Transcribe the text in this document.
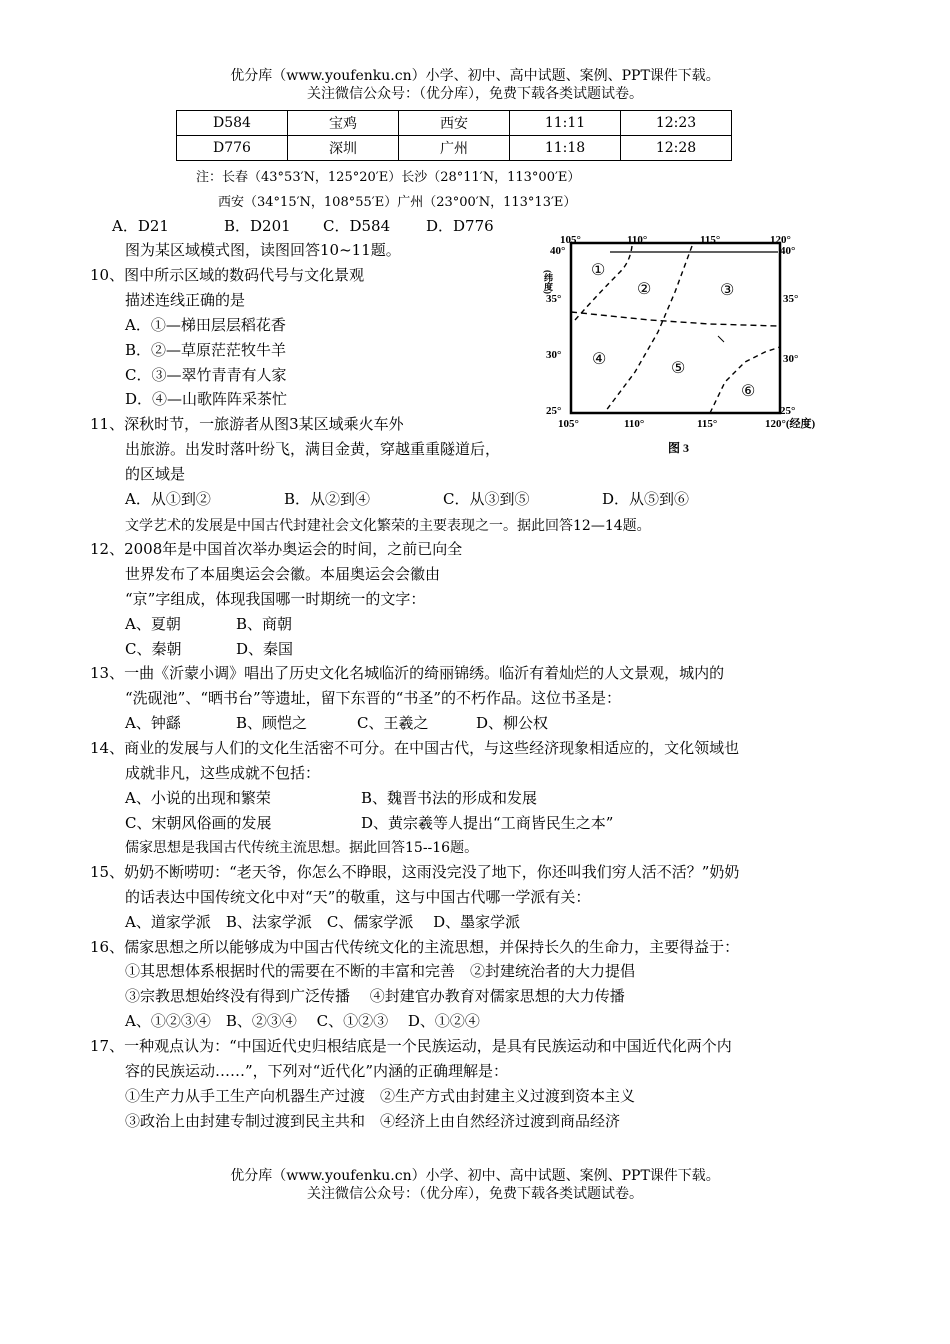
优分库（www.youfenku.cn）小学、初中、高中试题、案例、PPT课件下载。
关注微信公众号：（优分库），免费下载各类试题试卷。
D584	宝鸡	西安	11:11	12:23
D776	深圳	广州	11:18	12:28
注：长春（43°53′N，125°20′E）长沙（28°11′N，113°00′E）
西安（34°15′N，108°55′E）广州（23°00′N，113°13′E）
A．D21	B．D201 C．D584 D．D776
图为某区域模式图，读图回答10~11题。
10、图中所示区域的数码代号与文化景观
描述连线正确的是
A．①—梯田层层稻花香
B．②—草原茫茫牧牛羊
C．③—翠竹青青有人家
D．④—山歌阵阵采茶忙
11、深秋时节，一旅游者从图3某区域乘火车外
出旅游。出发时落叶纷飞，满目金黄，穿越重重隧道后，
的区域是
A．从①到②	B．从②到④	C．从③到⑤	D．从⑤到⑥
①
②	③
④
⑤
⑥
105°	110°	115°	120°
40°
(纬度)
35°
30°
25°
40°
35°
30°
25°
105°	110°	115°	120°(经度)
图 3
文学艺术的发展是中国古代封建社会文化繁荣的主要表现之一。据此回答12—14题。
12、2008年是中国首次举办奥运会的时间，之前已向全
世界发布了本届奥运会会徽。本届奥运会会徽由
“京”字组成，体现我国哪一时期统一的文字：
A、夏朝	B、商朝
C、秦朝	D、秦国
13、一曲《沂蒙小调》唱出了历史文化名城临沂的绮丽锦绣。临沂有着灿烂的人文景观，城内的
“洗砚池”、“晒书台”等遗址，留下东晋的“书圣”的不朽作品。这位书圣是：
A、钟繇	B、顾恺之	C、王羲之	D、柳公权
14、商业的发展与人们的文化生活密不可分。在中国古代，与这些经济现象相适应的，文化领域也
成就非凡，这些成就不包括：
A、小说的出现和繁荣	B、魏晋书法的形成和发展
C、宋朝风俗画的发展	D、黄宗羲等人提出“工商皆民生之本”
儒家思想是我国古代传统主流思想。据此回答15--16题。
15、奶奶不断唠叨：“老天爷，你怎么不睁眼，这雨没完没了地下，你还叫我们穷人活不活？”奶奶
的话表达中国传统文化中对“天”的敬重，这与中国古代哪一学派有关：
A、道家学派　B、法家学派　C、儒家学派　 D、墨家学派
16、儒家思想之所以能够成为中国古代传统文化的主流思想，并保持长久的生命力，主要得益于：
①其思想体系根据时代的需要在不断的丰富和完善　②封建统治者的大力提倡
③宗教思想始终没有得到广泛传播　 ④封建官办教育对儒家思想的大力传播
A、①②③④　B、②③④　 C、①②③　 D、①②④
17、一种观点认为：“中国近代史归根结底是一个民族运动，是具有民族运动和中国近代化两个内
容的民族运动……”，下列对“近代化”内涵的正确理解是：
①生产力从手工生产向机器生产过渡　②生产方式由封建主义过渡到资本主义
③政治上由封建专制过渡到民主共和　④经济上由自然经济过渡到商品经济
优分库（www.youfenku.cn）小学、初中、高中试题、案例、PPT课件下载。
关注微信公众号：（优分库），免费下载各类试题试卷。
